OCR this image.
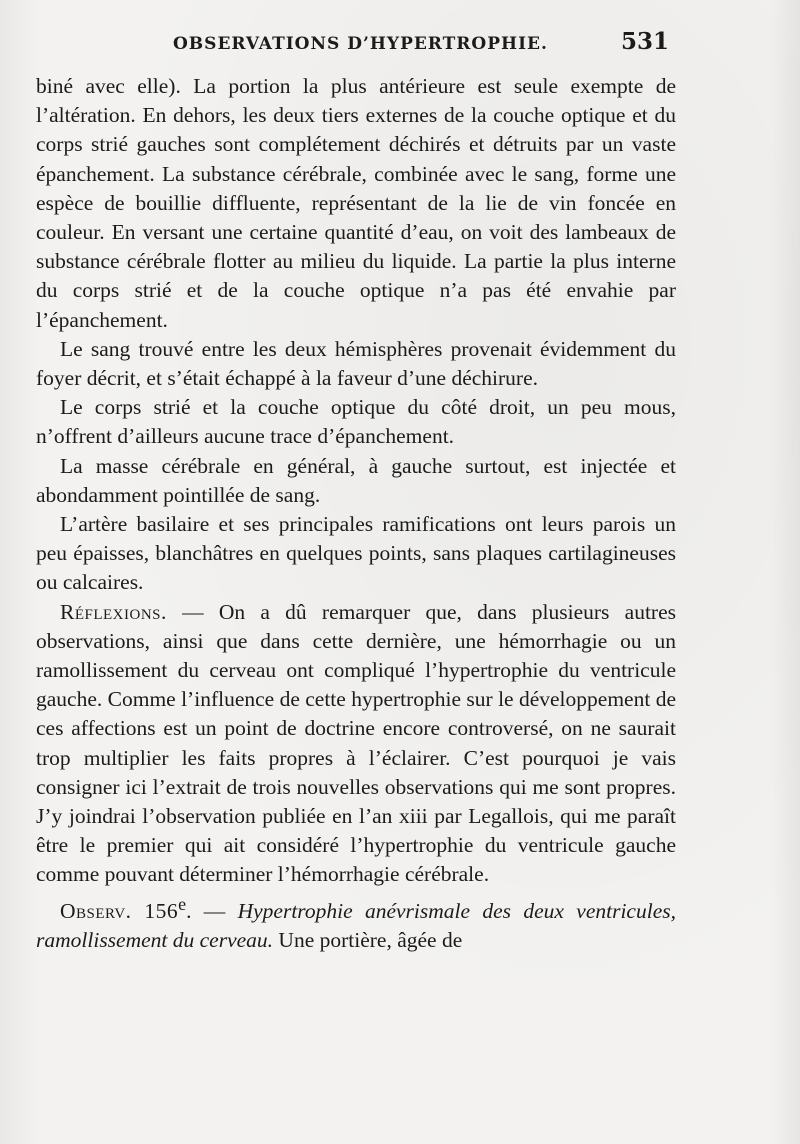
OBSERVATIONS D’HYPERTROPHIE.	531

biné avec elle). La portion la plus antérieure est seule exempte de l’altération. En dehors, les deux tiers externes de la couche optique et du corps strié gauches sont complétement déchirés et détruits par un vaste épanchement. La substance cérébrale, combinée avec le sang, forme une espèce de bouillie diffluente, représentant de la lie de vin foncée en couleur. En versant une certaine quantité d’eau, on voit des lambeaux de substance cérébrale flotter au milieu du liquide. La partie la plus interne du corps strié et de la couche optique n’a pas été envahie par l’épanchement.

Le sang trouvé entre les deux hémisphères provenait évidemment du foyer décrit, et s’était échappé à la faveur d’une déchirure.

Le corps strié et la couche optique du côté droit, un peu mous, n’offrent d’ailleurs aucune trace d’épanchement.

La masse cérébrale en général, à gauche surtout, est injectée et abondamment pointillée de sang.

L’artère basilaire et ses principales ramifications ont leurs parois un peu épaisses, blanchâtres en quelques points, sans plaques cartilagineuses ou calcaires.

Réflexions. — On a dû remarquer que, dans plusieurs autres observations, ainsi que dans cette dernière, une hémorrhagie ou un ramollissement du cerveau ont compliqué l’hypertrophie du ventricule gauche. Comme l’influence de cette hypertrophie sur le développement de ces affections est un point de doctrine encore controversé, on ne saurait trop multiplier les faits propres à l’éclairer. C’est pourquoi je vais consigner ici l’extrait de trois nouvelles observations qui me sont propres. J’y joindrai l’observation publiée en l’an xiii par Legallois, qui me paraît être le premier qui ait considéré l’hypertrophie du ventricule gauche comme pouvant déterminer l’hémorrhagie cérébrale.

Observ. 156e. — Hypertrophie anévrismale des deux ventricules, ramollissement du cerveau. Une portière, âgée de
